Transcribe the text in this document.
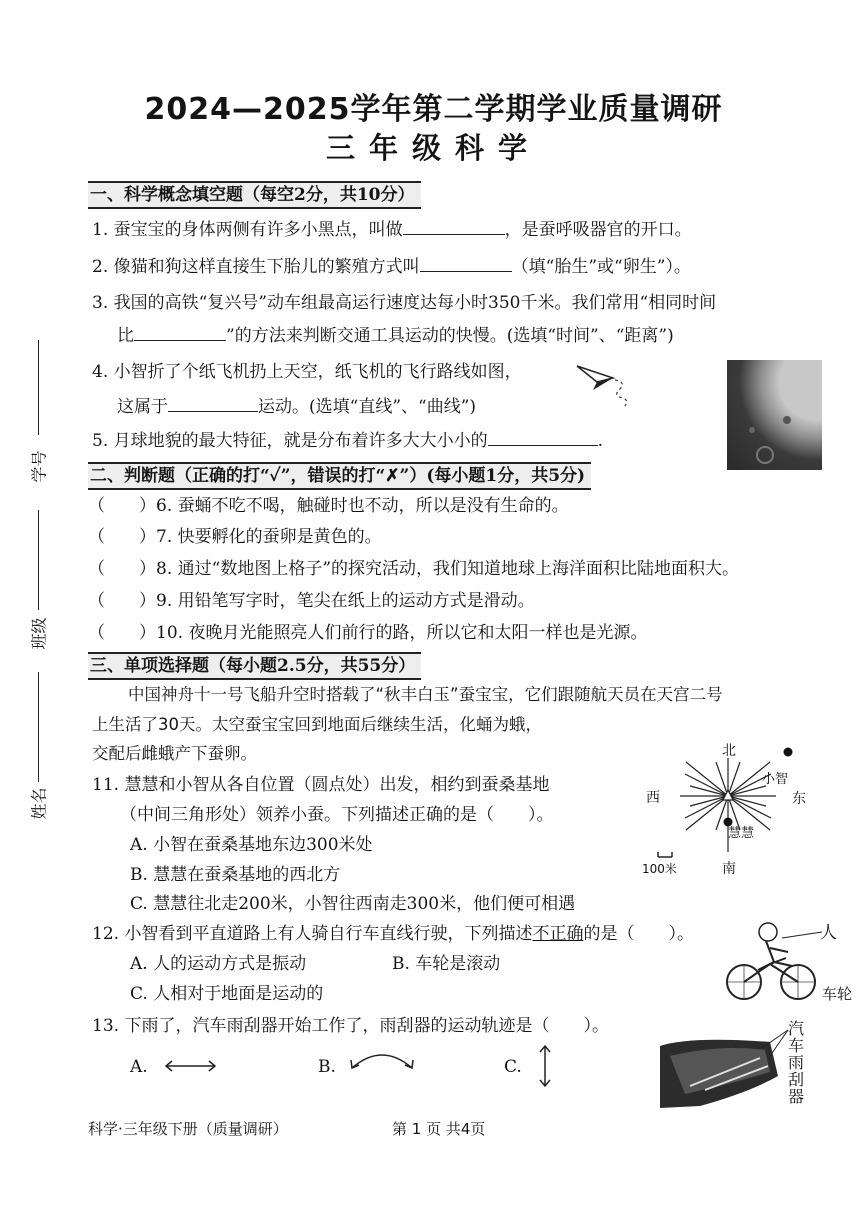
2024—2025学年第二学期学业质量调研
三年级科学
学号
班级
姓名
一、科学概念填空题（每空2分，共10分）
1. 蚕宝宝的身体两侧有许多小黑点，叫做	，是蚕呼吸器官的开口。
2. 像猫和狗这样直接生下胎儿的繁殖方式叫	（填“胎生”或“卵生”）。
3. 我国的高铁“复兴号”动车组最高运行速度达每小时350千米。我们常用“相同时间
比	”的方法来判断交通工具运动的快慢。(选填“时间”、“距离”)
4. 小智折了个纸飞机扔上天空，纸飞机的飞行路线如图，
这属于	运动。(选填“直线”、“曲线”)
5. 月球地貌的最大特征，就是分布着许多大大小小的	.
二、判断题（正确的打“✓”，错误的打“✗”）(每小题1分，共5分)
（　　）6. 蚕蛹不吃不喝，触碰时也不动，所以是没有生命的。
（　　）7. 快要孵化的蚕卵是黄色的。
（　　）8. 通过“数地图上格子”的探究活动，我们知道地球上海洋面积比陆地面积大。
（　　）9. 用铅笔写字时，笔尖在纸上的运动方式是滑动。
（　　）10. 夜晚月光能照亮人们前行的路，所以它和太阳一样也是光源。
三、单项选择题（每小题2.5分，共55分）
中国神舟十一号飞船升空时搭载了“秋丰白玉”蚕宝宝，它们跟随航天员在天宫二号
上生活了30天。太空蚕宝宝回到地面后继续生活，化蛹为蛾，
交配后雌蛾产下蚕卵。
11. 慧慧和小智从各自位置（圆点处）出发，相约到蚕桑基地
（中间三角形处）领养小蚕。下列描述正确的是（　　）。
A. 小智在蚕桑基地东边300米处
B. 慧慧在蚕桑基地的西北方
C. 慧慧往北走200米，小智往西南走300米，他们便可相遇
北
南
东
西
小智
慧慧
100米
12. 小智看到平直道路上有人骑自行车直线行驶，下列描述不正确的是（　　）。
A. 人的运动方式是振动	B. 车轮是滚动
C. 人相对于地面是运动的
人
车轮
13. 下雨了，汽车雨刮器开始工作了，雨刮器的运动轨迹是（　　）。
A.	B.	C.
汽
车
雨
刮
器
科学·三年级下册（质量调研）	第 1 页 共4页
